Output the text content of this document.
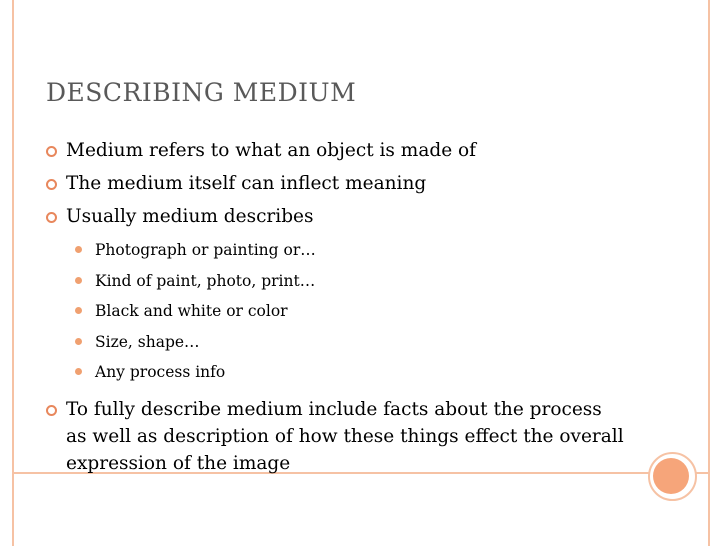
DESCRIBING MEDIUM
Medium refers to what an object is made of
The medium itself can inflect meaning
Usually medium describes
Photograph or painting or…
Kind of paint, photo, print…
Black and white or color
Size, shape…
Any process info
To fully describe medium include facts about the process as well as description of how these things effect the overall expression of the image
